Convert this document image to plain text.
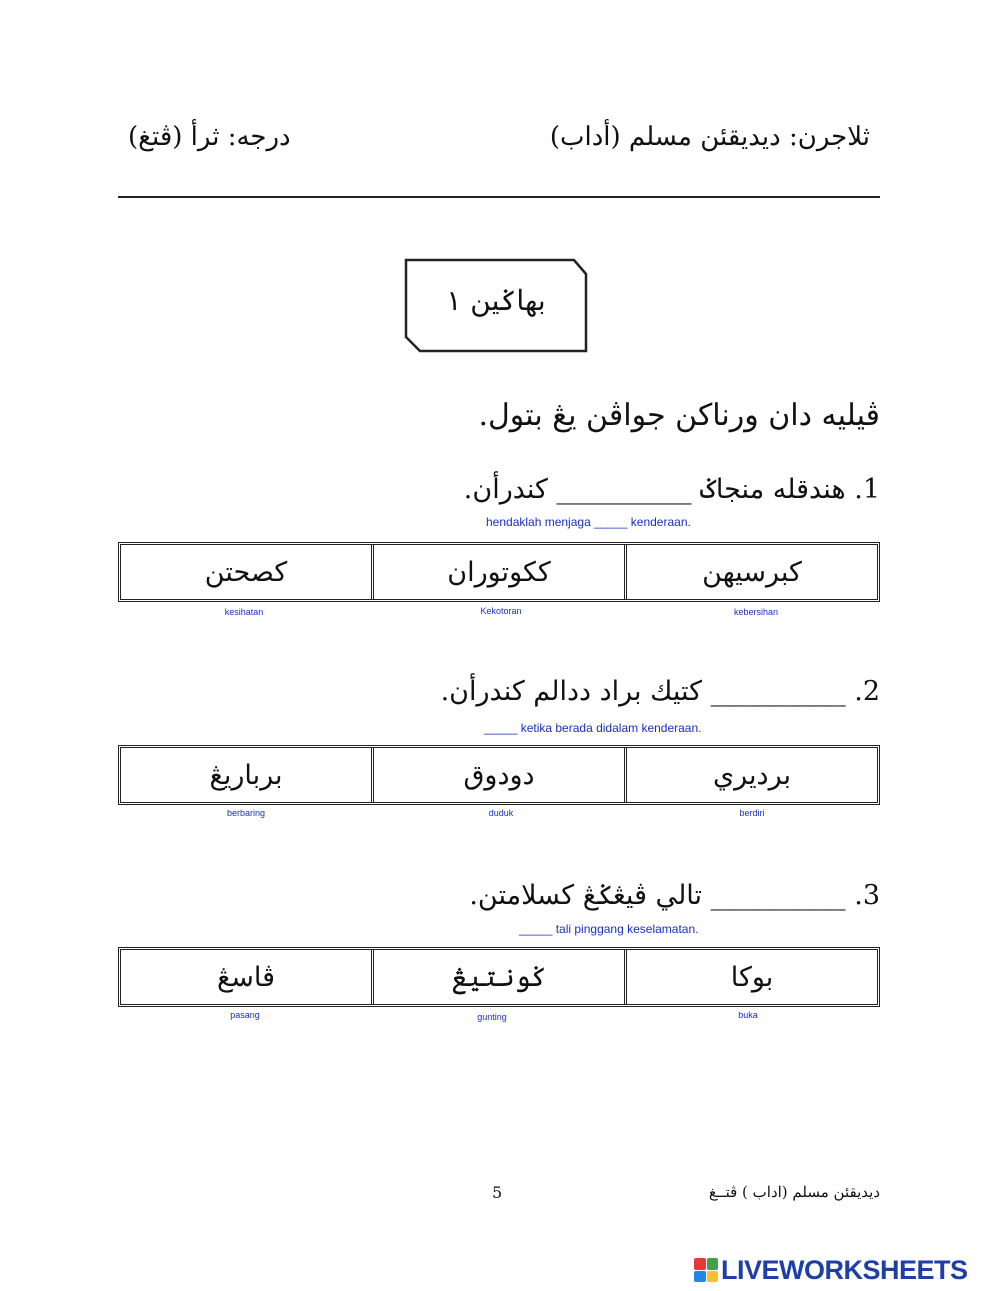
ثلاجرن: ديديقئن مسلم (أداب)
درجه: ثرأ (ڤتغ)
بهاݢين ١
ڤيليه دان ورناكن جواڤن يڠ بتول.
1. هندقله منجاݢ __________ كندرأن.
hendaklah menjaga _____ kenderaan.
كبرسيهن
ككوتوران
كصحتن
kebersihan
Kekotoran
kesihatan
2. __________ كتيك براد ددالم كندرأن.
_____ ketika berada didalam kenderaan.
برديري
دودوق
برباريڠ
berdiri
duduk
berbaring
3. __________ تالي ڤيڠݢڠ كسلامتن.
_____ tali pinggang keselamatan.
بوكا
ݢونتيڠ
ڤاسڠ
buka
gunting
pasang
5	ديديقئن مسلم (اداب ) ڤتــغ
LIVEWORKSHEETS
